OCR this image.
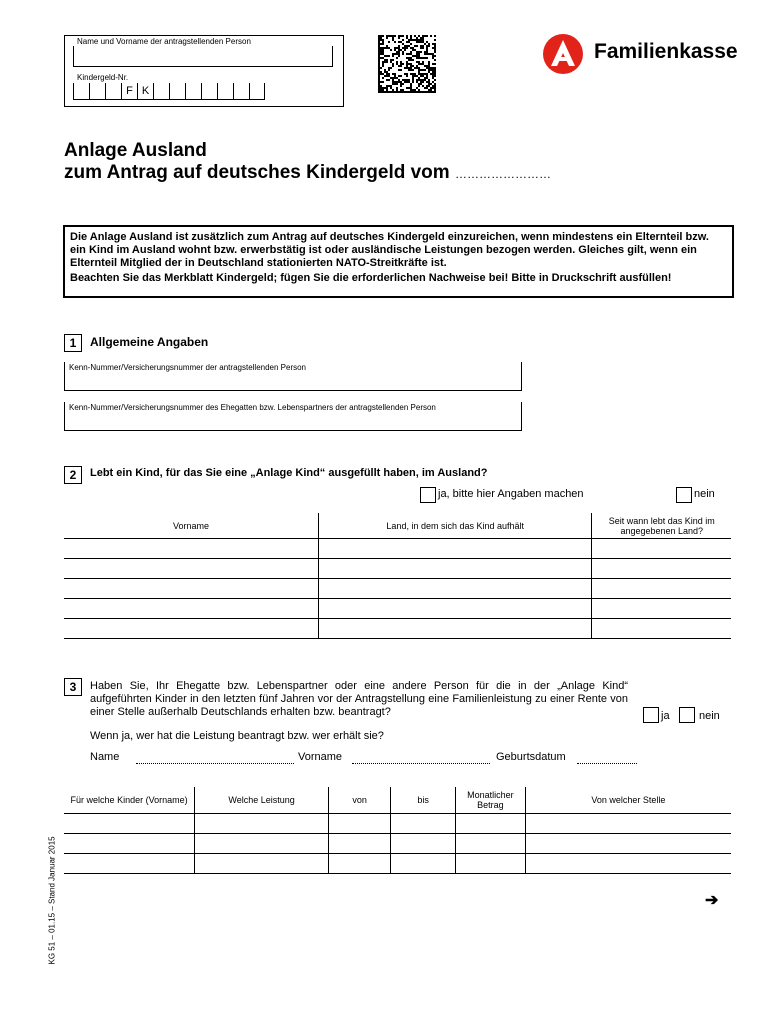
Name und Vorname der antragstellenden Person
Kindergeld-Nr.
F K
Familienkasse
Anlage Ausland
zum Antrag auf deutsches Kindergeld vom ……………………
Die Anlage Ausland ist zusätzlich zum Antrag auf deutsches Kindergeld einzureichen, wenn mindestens ein Elternteil bzw. ein Kind im Ausland wohnt bzw. erwerbstätig ist oder ausländische Leistungen bezogen werden. Gleiches gilt, wenn ein Elternteil Mitglied der in Deutschland stationierten NATO-Streitkräfte ist.
Beachten Sie das Merkblatt Kindergeld; fügen Sie die erforderlichen Nachweise bei! Bitte in Druckschrift ausfüllen!
1	Allgemeine Angaben
Kenn-Nummer/Versicherungsnummer der antragstellenden Person
Kenn-Nummer/Versicherungsnummer des Ehegatten bzw. Lebenspartners der antragstellenden Person
2	Lebt ein Kind, für das Sie eine „Anlage Kind“ ausgefüllt haben, im Ausland?
ja, bitte hier Angaben machen	nein
Vorname	Land, in dem sich das Kind aufhält	Seit wann lebt das Kind im angegebenen Land?

3	Haben Sie, Ihr Ehegatte bzw. Lebenspartner oder eine andere Person für die in der „Anlage Kind“ aufgeführten Kinder in den letzten fünf Jahren vor der Antragstellung eine Familienleistung zu einer Rente von einer Stelle außerhalb Deutschlands erhalten bzw. beantragt?	ja	nein
Wenn ja, wer hat die Leistung beantragt bzw. wer erhält sie?
Name	Vorname	Geburtsdatum
Für welche Kinder (Vorname)	Welche Leistung	von	bis	Monatlicher Betrag	Von welcher Stelle

KG 51 – 01.15 – Stand Januar 2015	➔
